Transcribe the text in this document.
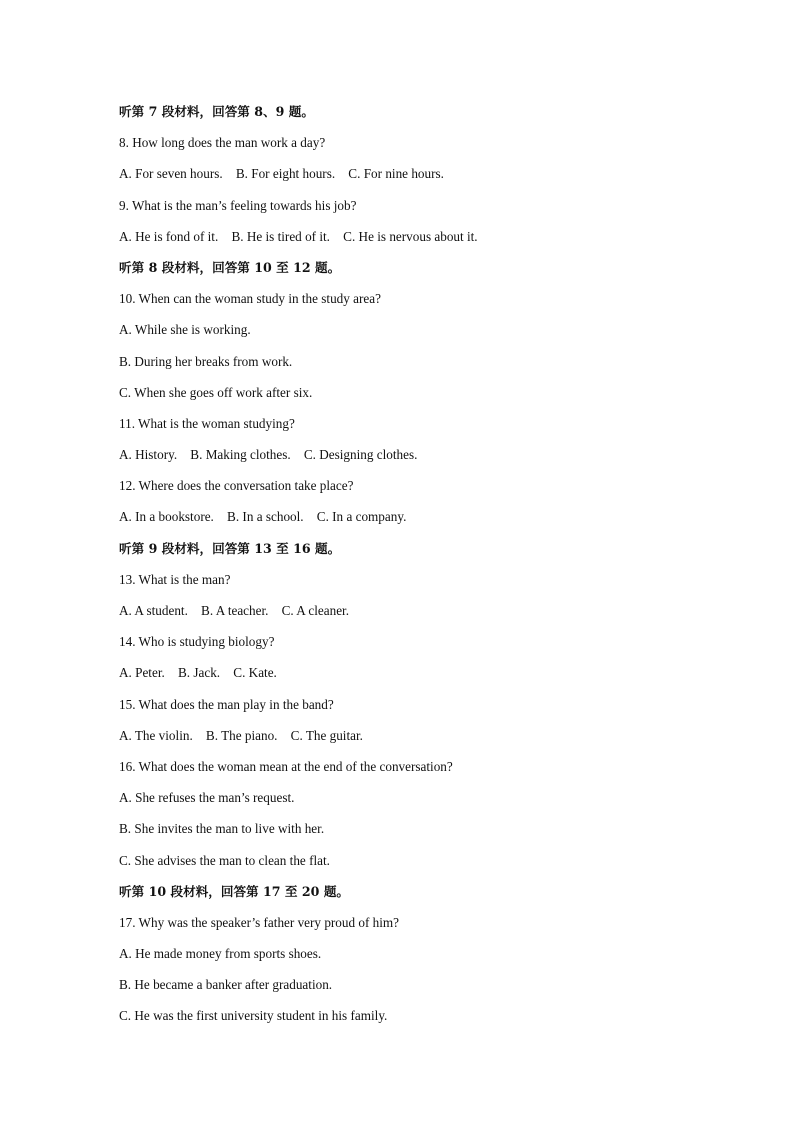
听第 7 段材料，回答第 8、9 题。
8. How long does the man work a day?
A. For seven hours.    B. For eight hours.    C. For nine hours.
9. What is the man’s feeling towards his job?
A. He is fond of it.    B. He is tired of it.    C. He is nervous about it.
听第 8 段材料，回答第 10 至 12 题。
10. When can the woman study in the study area?
A. While she is working.
B. During her breaks from work.
C. When she goes off work after six.
11. What is the woman studying?
A. History.    B. Making clothes.    C. Designing clothes.
12. Where does the conversation take place?
A. In a bookstore.    B. In a school.    C. In a company.
听第 9 段材料，回答第 13 至 16 题。
13. What is the man?
A. A student.    B. A teacher.    C. A cleaner.
14. Who is studying biology?
A. Peter.    B. Jack.    C. Kate.
15. What does the man play in the band?
A. The violin.    B. The piano.    C. The guitar.
16. What does the woman mean at the end of the conversation?
A. She refuses the man’s request.
B. She invites the man to live with her.
C. She advises the man to clean the flat.
听第 10 段材料，回答第 17 至 20 题。
17. Why was the speaker’s father very proud of him?
A. He made money from sports shoes.
B. He became a banker after graduation.
C. He was the first university student in his family.
